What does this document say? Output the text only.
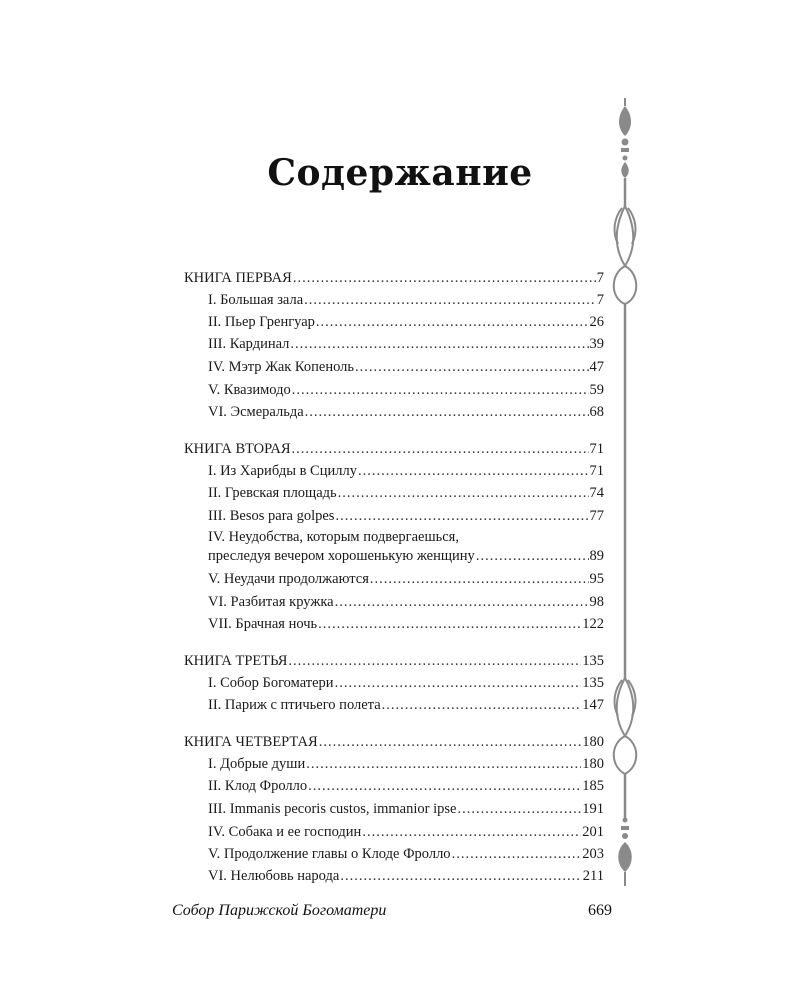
Содержание
КНИГА ПЕРВАЯ .....	7
I. Большая зала .....	7
II. Пьер Гренгуар .....	26
III. Кардинал .....	39
IV. Мэтр Жак Копеноль .....	47
V. Квазимодо .....	59
VI. Эсмеральда .....	68
КНИГА ВТОРАЯ .....	71
I. Из Харибды в Сциллу .....	71
II. Гревская площадь .....	74
III. Besos para golpes .....	77
IV. Неудобства, которым подвергаешься,
преследуя вечером хорошенькую женщину .....	89
V. Неудачи продолжаются .....	95
VI. Разбитая кружка .....	98
VII. Брачная ночь .....	122
КНИГА ТРЕТЬЯ .....	135
I. Собор Богоматери .....	135
II. Париж с птичьего полета .....	147
КНИГА ЧЕТВЕРТАЯ .....	180
I. Добрые души .....	180
II. Клод Фролло .....	185
III. Immanis pecoris custos, immanior ipse .....	191
IV. Собака и ее господин .....	201
V. Продолжение главы о Клоде Фролло .....	203
VI. Нелюбовь народа .....	211
Собор Парижской Богоматери	669
